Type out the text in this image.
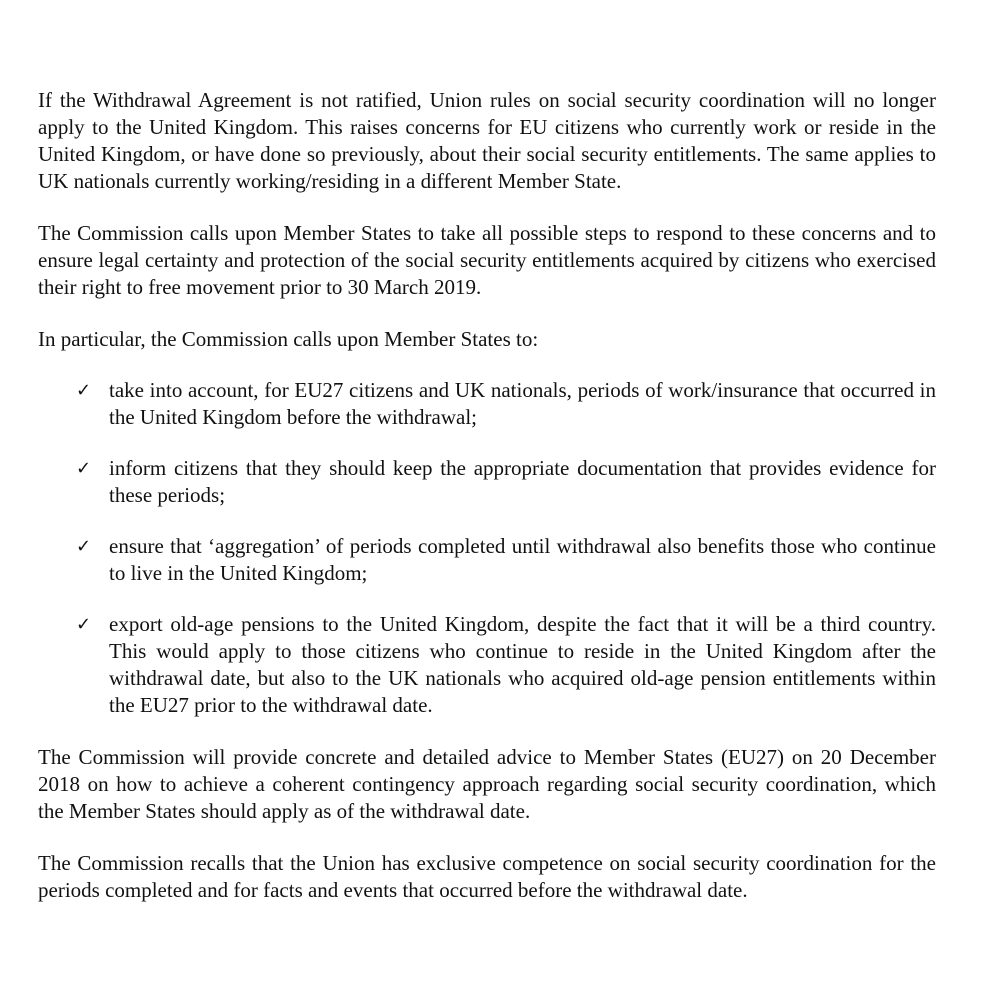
If the Withdrawal Agreement is not ratified, Union rules on social security coordination will no longer apply to the United Kingdom. This raises concerns for EU citizens who currently work or reside in the United Kingdom, or have done so previously, about their social security entitlements. The same applies to UK nationals currently working/residing in a different Member State.

The Commission calls upon Member States to take all possible steps to respond to these concerns and to ensure legal certainty and protection of the social security entitlements acquired by citizens who exercised their right to free movement prior to 30 March 2019.

In particular, the Commission calls upon Member States to:

✓ take into account, for EU27 citizens and UK nationals, periods of work/insurance that occurred in the United Kingdom before the withdrawal;
✓ inform citizens that they should keep the appropriate documentation that provides evidence for these periods;
✓ ensure that ‘aggregation’ of periods completed until withdrawal also benefits those who continue to live in the United Kingdom;
✓ export old-age pensions to the United Kingdom, despite the fact that it will be a third country. This would apply to those citizens who continue to reside in the United Kingdom after the withdrawal date, but also to the UK nationals who acquired old-age pension entitlements within the EU27 prior to the withdrawal date.

The Commission will provide concrete and detailed advice to Member States (EU27) on 20 December 2018 on how to achieve a coherent contingency approach regarding social security coordination, which the Member States should apply as of the withdrawal date.

The Commission recalls that the Union has exclusive competence on social security coordination for the periods completed and for facts and events that occurred before the withdrawal date.
